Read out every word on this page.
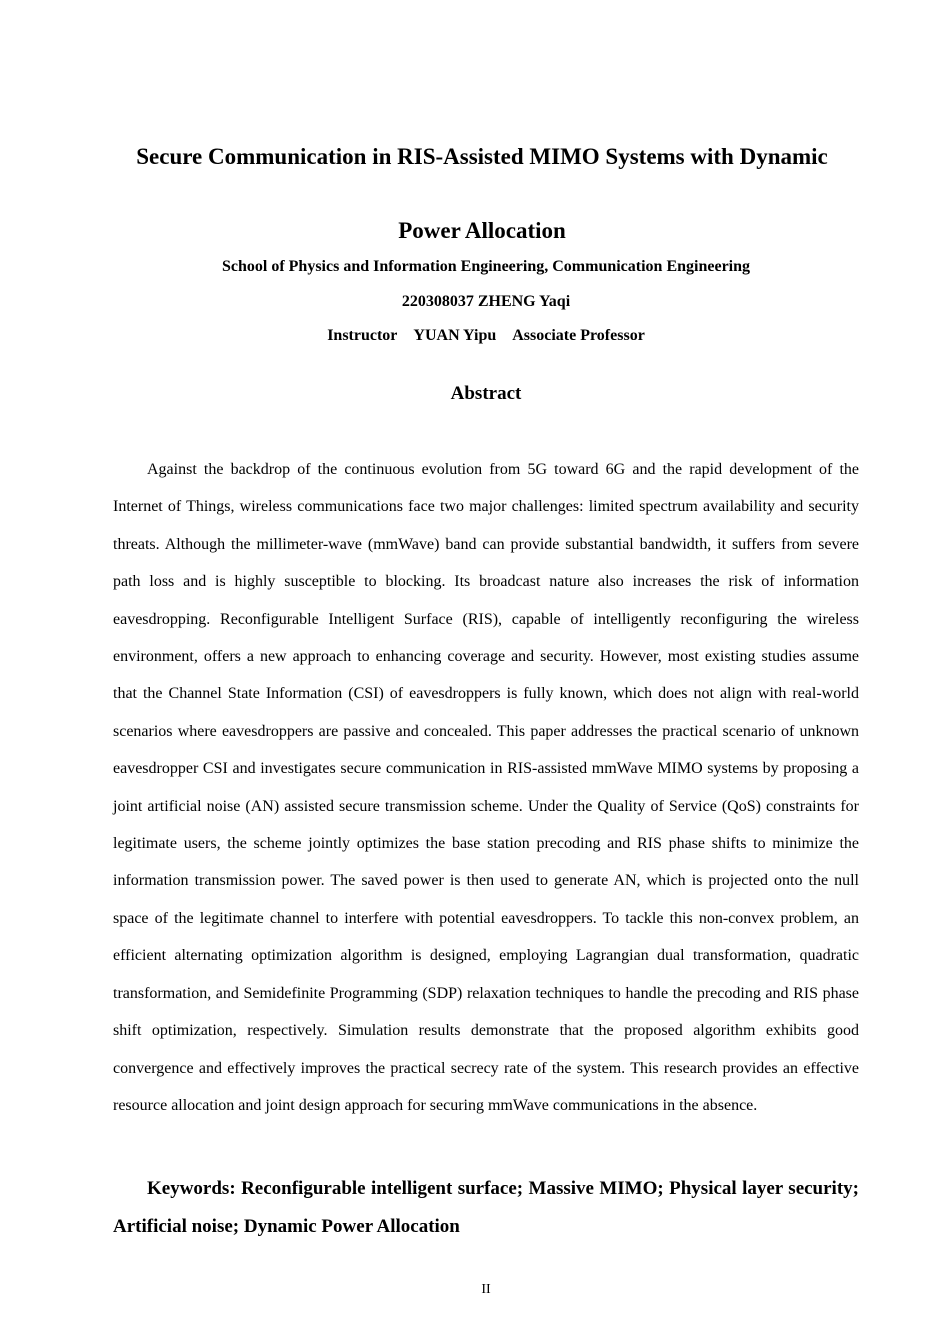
Secure Communication in RIS-Assisted MIMO Systems with Dynamic Power Allocation
School of Physics and Information Engineering, Communication Engineering
220308037 ZHENG Yaqi
Instructor YUAN Yipu Associate Professor
Abstract

Against the backdrop of the continuous evolution from 5G toward 6G and the rapid development of the Internet of Things, wireless communications face two major challenges: limited spectrum availability and security threats. Although the millimeter-wave (mmWave) band can provide substantial bandwidth, it suffers from severe path loss and is highly susceptible to blocking. Its broadcast nature also increases the risk of information eavesdropping. Reconfigurable Intelligent Surface (RIS), capable of intelligently reconfiguring the wireless environment, offers a new approach to enhancing coverage and security. However, most existing studies assume that the Channel State Information (CSI) of eavesdroppers is fully known, which does not align with real-world scenarios where eavesdroppers are passive and concealed. This paper addresses the practical scenario of unknown eavesdropper CSI and investigates secure communication in RIS-assisted mmWave MIMO systems by proposing a joint artificial noise (AN) assisted secure transmission scheme. Under the Quality of Service (QoS) constraints for legitimate users, the scheme jointly optimizes the base station precoding and RIS phase shifts to minimize the information transmission power. The saved power is then used to generate AN, which is projected onto the null space of the legitimate channel to interfere with potential eavesdroppers. To tackle this non-convex problem, an efficient alternating optimization algorithm is designed, employing Lagrangian dual transformation, quadratic transformation, and Semidefinite Programming (SDP) relaxation techniques to handle the precoding and RIS phase shift optimization, respectively. Simulation results demonstrate that the proposed algorithm exhibits good convergence and effectively improves the practical secrecy rate of the system. This research provides an effective resource allocation and joint design approach for securing mmWave communications in the absence.

Keywords: Reconfigurable intelligent surface; Massive MIMO; Physical layer security; Artificial noise; Dynamic Power Allocation

II
